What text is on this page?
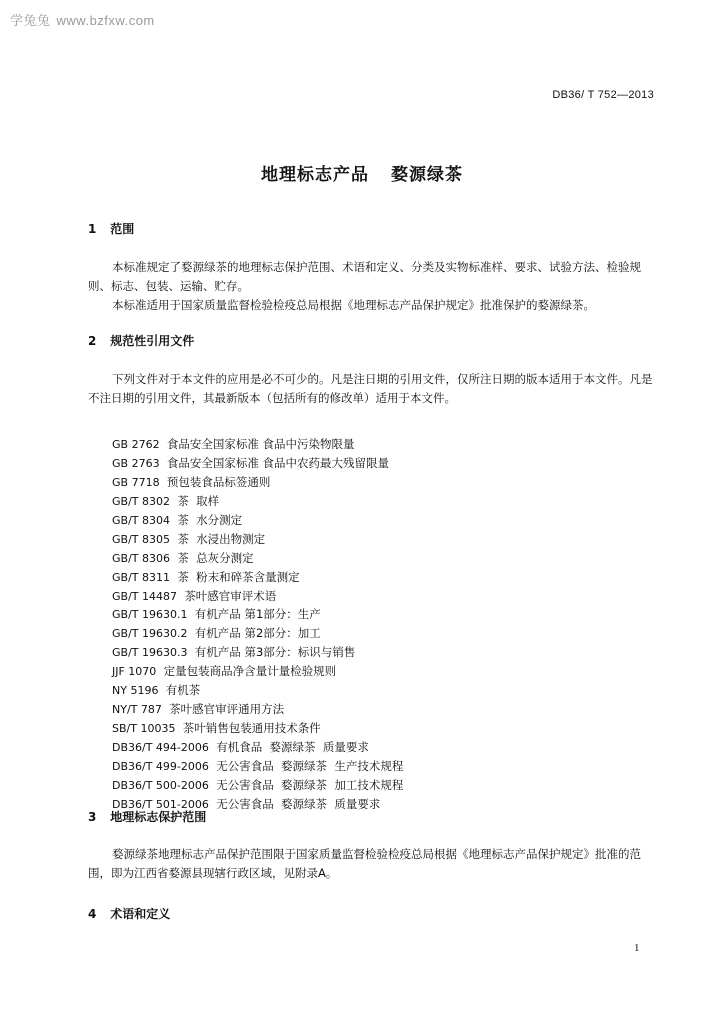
学兔兔 www.bzfxw.com
DB36/ T 752—2013
地理标志产品 婺源绿茶
1 范围

本标准规定了婺源绿茶的地理标志保护范围、术语和定义、分类及实物标准样、要求、试验方法、检验规则、标志、包装、运输、贮存。

本标准适用于国家质量监督检验检疫总局根据《地理标志产品保护规定》批准保护的婺源绿茶。

2 规范性引用文件

下列文件对于本文件的应用是必不可少的。凡是注日期的引用文件，仅所注日期的版本适用于本文件。凡是不注日期的引用文件，其最新版本（包括所有的修改单）适用于本文件。

GB 2762 食品安全国家标准 食品中污染物限量
GB 2763 食品安全国家标准 食品中农药最大残留限量
GB 7718 预包装食品标签通则
GB/T 8302 茶  取样
GB/T 8304 茶  水分测定
GB/T 8305 茶  水浸出物测定
GB/T 8306 茶  总灰分测定
GB/T 8311 茶  粉末和碎茶含量测定
GB/T 14487 茶叶感官审评术语
GB/T 19630.1 有机产品 第1部分：生产
GB/T 19630.2 有机产品 第2部分：加工
GB/T 19630.3 有机产品 第3部分：标识与销售
JJF 1070 定量包装商品净含量计量检验规则
NY 5196 有机茶
NY/T 787 茶叶感官审评通用方法
SB/T 10035 茶叶销售包装通用技术条件
DB36/T 494-2006 有机食品  婺源绿茶  质量要求
DB36/T 499-2006 无公害食品  婺源绿茶  生产技术规程
DB36/T 500-2006 无公害食品  婺源绿茶  加工技术规程
DB36/T 501-2006 无公害食品  婺源绿茶  质量要求
3 地理标志保护范围

婺源绿茶地理标志产品保护范围限于国家质量监督检验检疫总局根据《地理标志产品保护规定》批准的范围，即为江西省婺源县现辖行政区域，见附录A。

4 术语和定义
1
